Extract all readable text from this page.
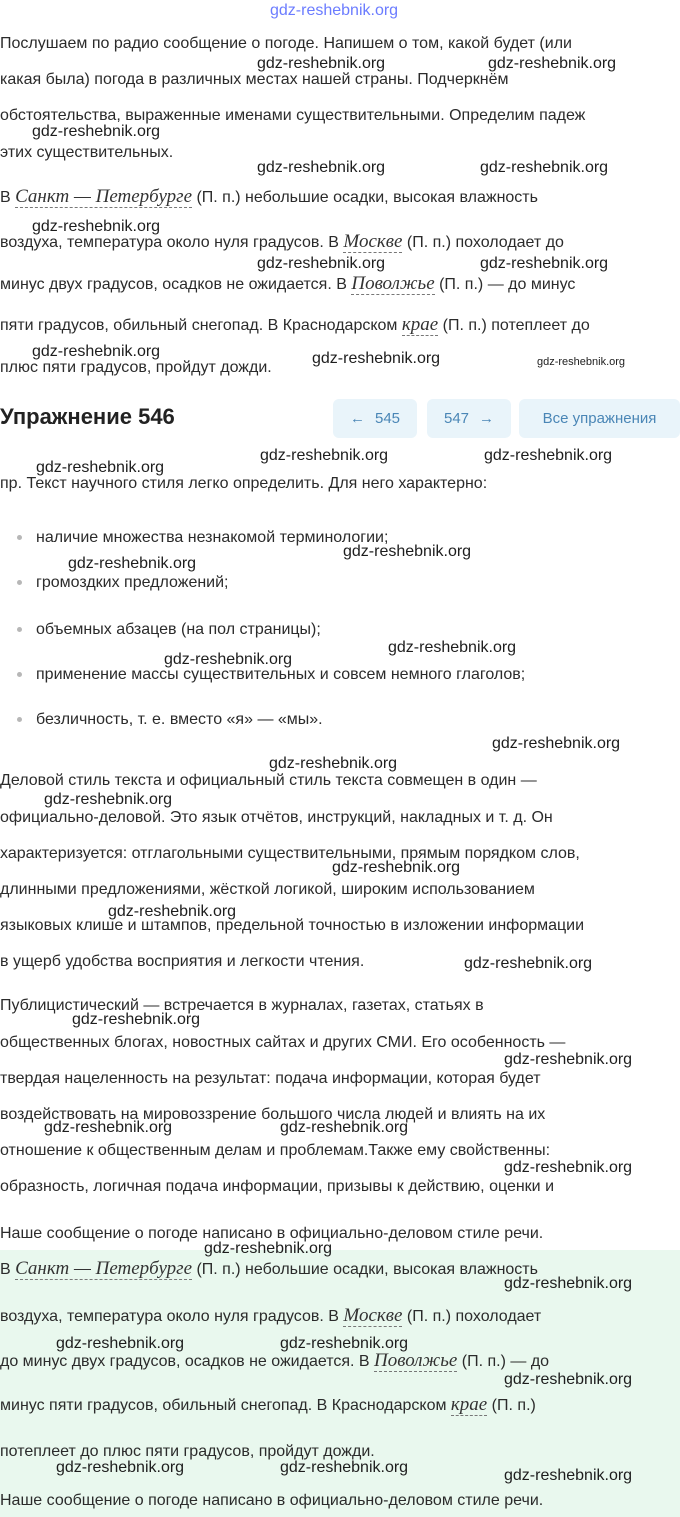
gdz-reshebnik.org
Послушаем по радио сообщение о погоде. Напишем о том, какой будет (или
какая была) погода в различных местах нашей страны. Подчеркнём
обстоятельства, выраженные именами существительными. Определим падеж
этих существительных.
В Санкт — Петербурге (П. п.) небольшие осадки, высокая влажность
воздуха, температура около нуля градусов. В Москве (П. п.) похолодает до
минус двух градусов, осадков не ожидается. В Поволжье (П. п.) — до минус
пяти градусов, обильный снегопад. В Краснодарском крае (П. п.) потеплеет до
плюс пяти градусов, пройдут дожди.
Упражнение 546	← 545	547 →	Все упражнения
пр. Текст научного стиля легко определить. Для него характерно:
наличие множества незнакомой терминологии;
громоздких предложений;
объемных абзацев (на пол страницы);
применение массы существительных и совсем немного глаголов;
безличность, т. е. вместо «я» — «мы».
Деловой стиль текста и официальный стиль текста совмещен в один —
официально-деловой. Это язык отчётов, инструкций, накладных и т. д. Он
характеризуется: отглагольными существительными, прямым порядком слов,
длинными предложениями, жёсткой логикой, широким использованием
языковых клише и штампов, предельной точностью в изложении информации
в ущерб удобства восприятия и легкости чтения.
Публицистический — встречается в журналах, газетах, статьях в
общественных блогах, новостных сайтах и других СМИ. Его особенность —
твердая нацеленность на результат: подача информации, которая будет
воздействовать на мировоззрение большого числа людей и влиять на их
отношение к общественным делам и проблемам.Также ему свойственны:
образность, логичная подача информации, призывы к действию, оценки и
Наше сообщение о погоде написано в официально-деловом стиле речи.
В Санкт — Петербурге (П. п.) небольшие осадки, высокая влажность
воздуха, температура около нуля градусов. В Москве (П. п.) похолодает
до минус двух градусов, осадков не ожидается. В Поволжье (П. п.) — до
минус пяти градусов, обильный снегопад. В Краснодарском крае (П. п.)
потеплеет до плюс пяти градусов, пройдут дожди.
Наше сообщение о погоде написано в официально-деловом стиле речи.
gdz-reshebnik.org	gdz-reshebnik.org
gdz-reshebnik.org
gdz-reshebnik.org	gdz-reshebnik.org
gdz-reshebnik.org
gdz-reshebnik.org	gdz-reshebnik.org
gdz-reshebnik.org	gdz-reshebnik.org	gdz-reshebnik.org
gdz-reshebnik.org	gdz-reshebnik.org
gdz-reshebnik.org
gdz-reshebnik.org
gdz-reshebnik.org
gdz-reshebnik.org
gdz-reshebnik.org
gdz-reshebnik.org
gdz-reshebnik.org
gdz-reshebnik.org
gdz-reshebnik.org
gdz-reshebnik.org
gdz-reshebnik.org
gdz-reshebnik.org
gdz-reshebnik.org
gdz-reshebnik.org	gdz-reshebnik.org
gdz-reshebnik.org
gdz-reshebnik.org
gdz-reshebnik.org
gdz-reshebnik.org	gdz-reshebnik.org
gdz-reshebnik.org
gdz-reshebnik.org	gdz-reshebnik.org	gdz-reshebnik.org
